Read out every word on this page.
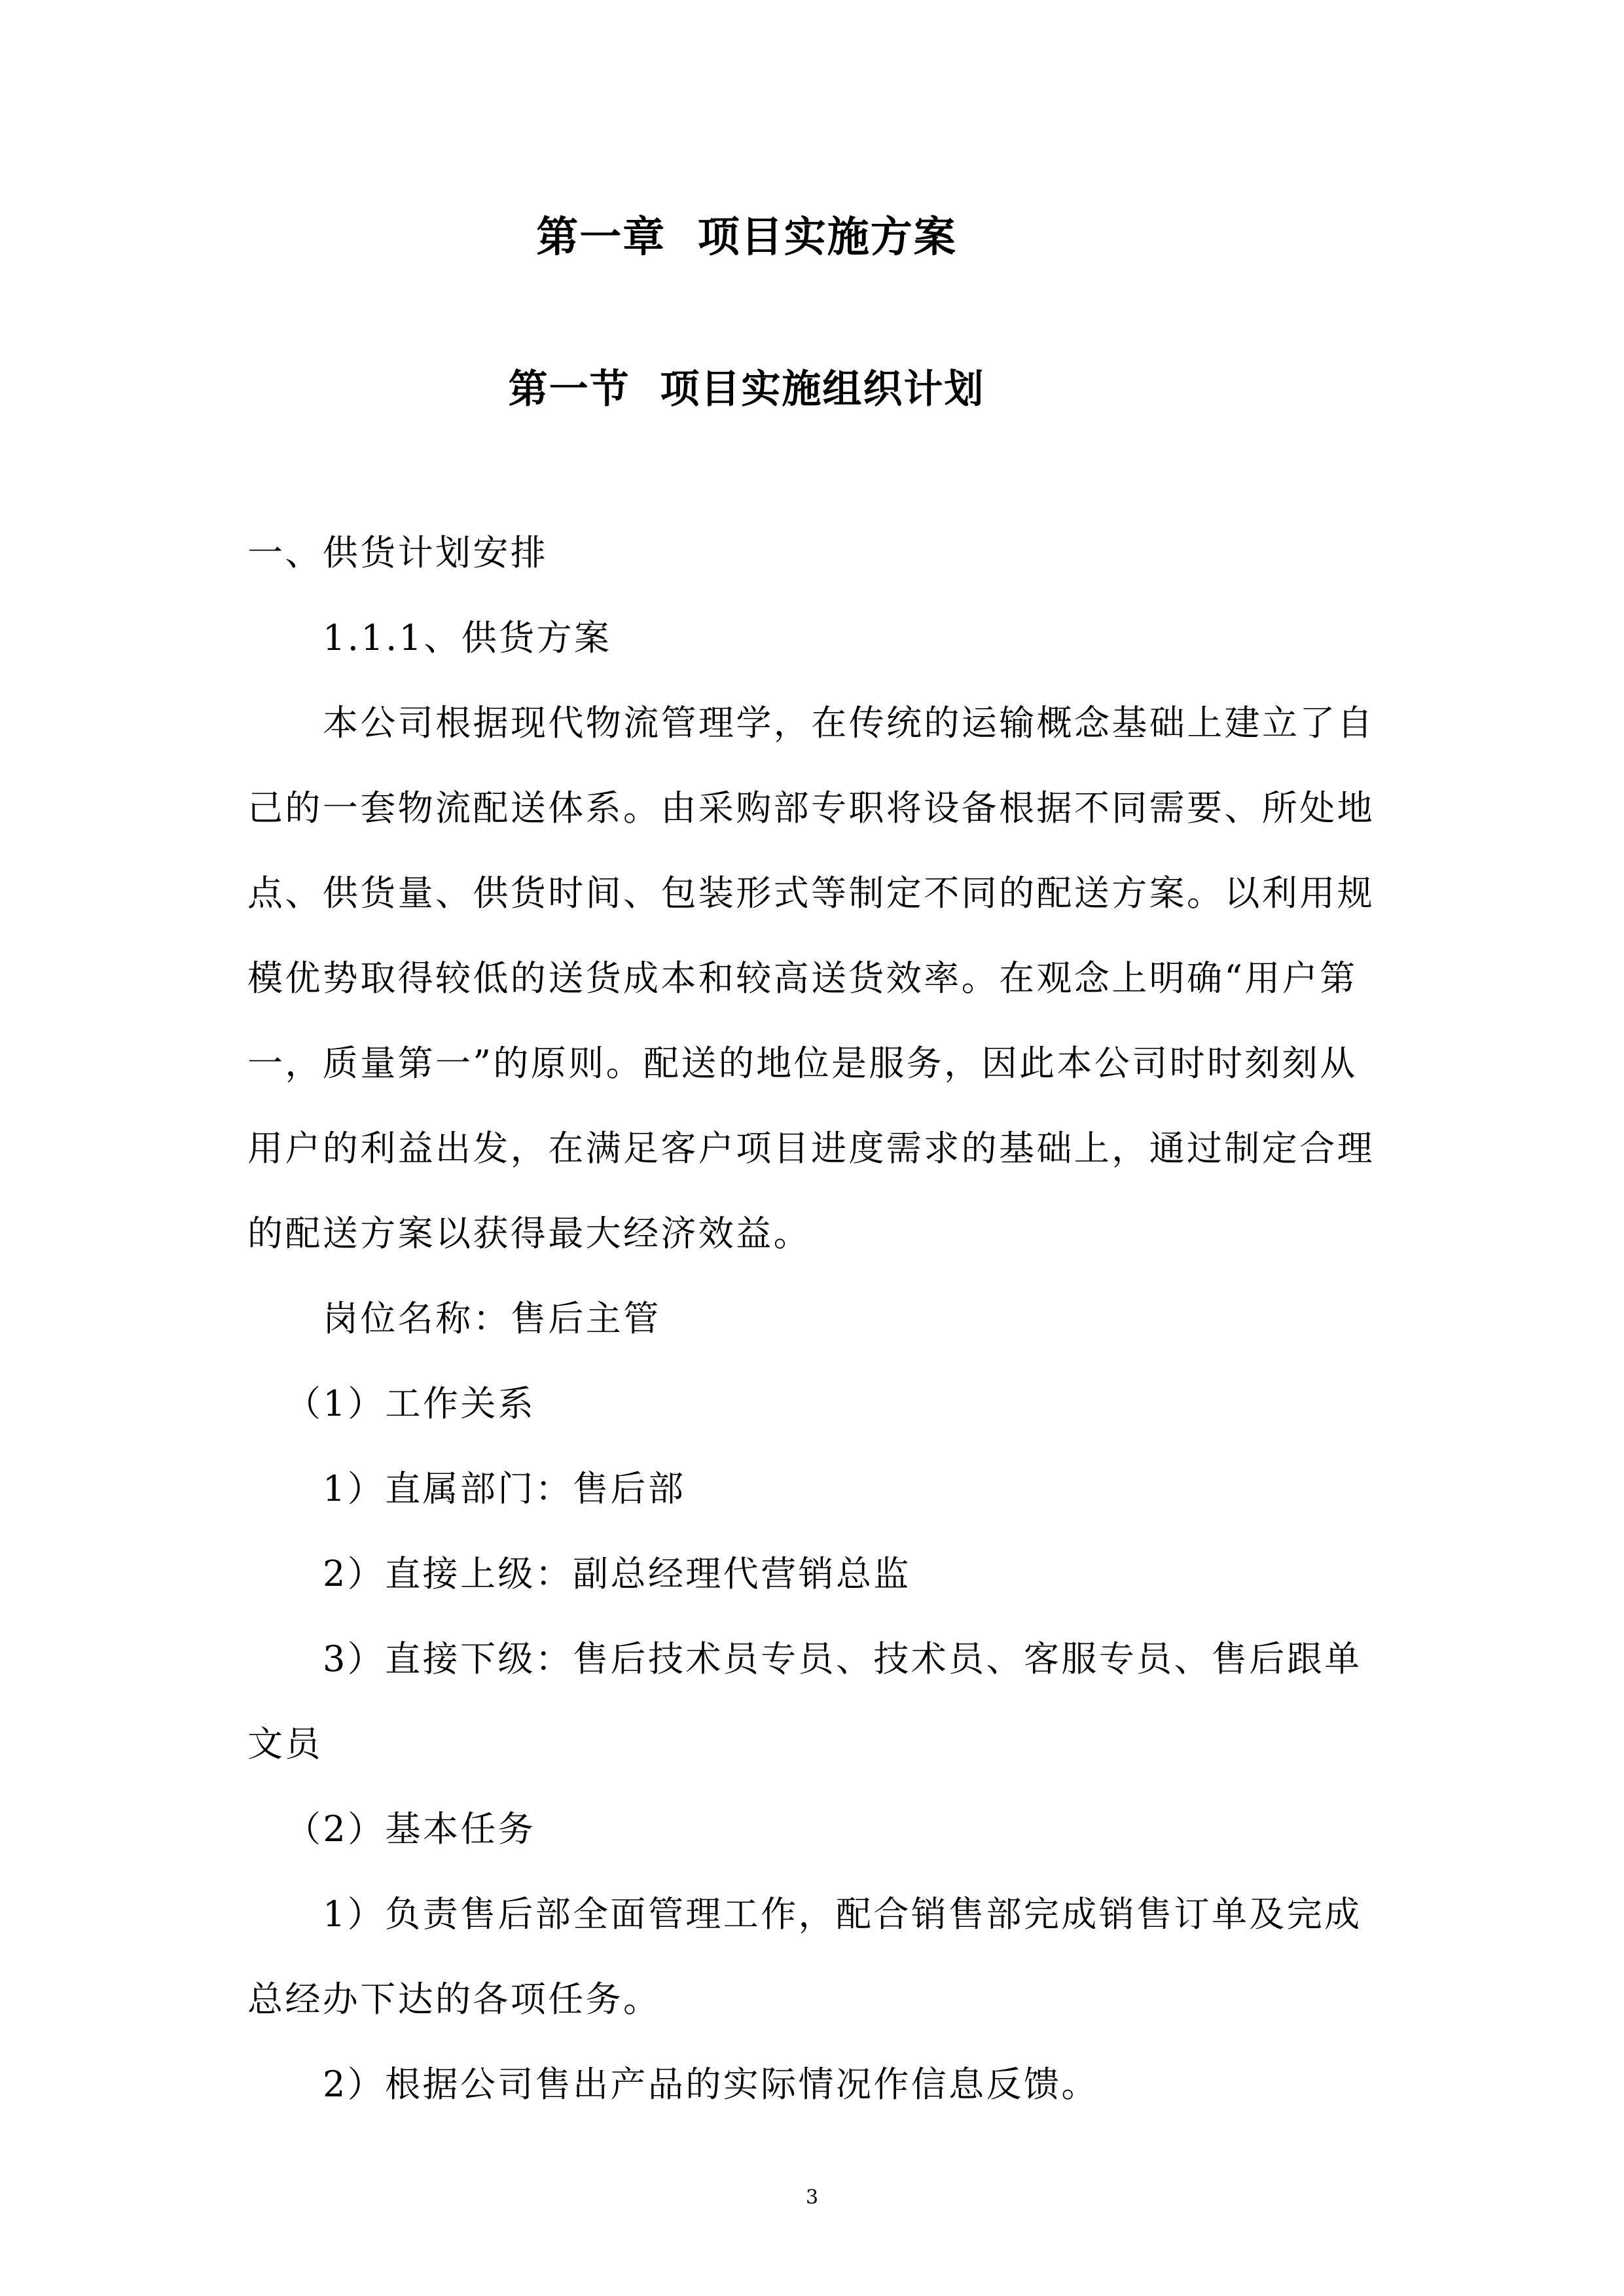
第一章  项目实施方案
第一节  项目实施组织计划
一、供货计划安排
1.1.1、供货方案
本公司根据现代物流管理学，在传统的运输概念基础上建立了自
己的一套物流配送体系。由采购部专职将设备根据不同需要、所处地
点、供货量、供货时间、包装形式等制定不同的配送方案。以利用规
模优势取得较低的送货成本和较高送货效率。在观念上明确“用户第
一，质量第一”的原则。配送的地位是服务，因此本公司时时刻刻从
用户的利益出发，在满足客户项目进度需求的基础上，通过制定合理
的配送方案以获得最大经济效益。
岗位名称：售后主管
（1）工作关系
1）直属部门：售后部
2）直接上级：副总经理代营销总监
3）直接下级：售后技术员专员、技术员、客服专员、售后跟单
文员
（2）基本任务
1）负责售后部全面管理工作，配合销售部完成销售订单及完成
总经办下达的各项任务。
2）根据公司售出产品的实际情况作信息反馈。
3
